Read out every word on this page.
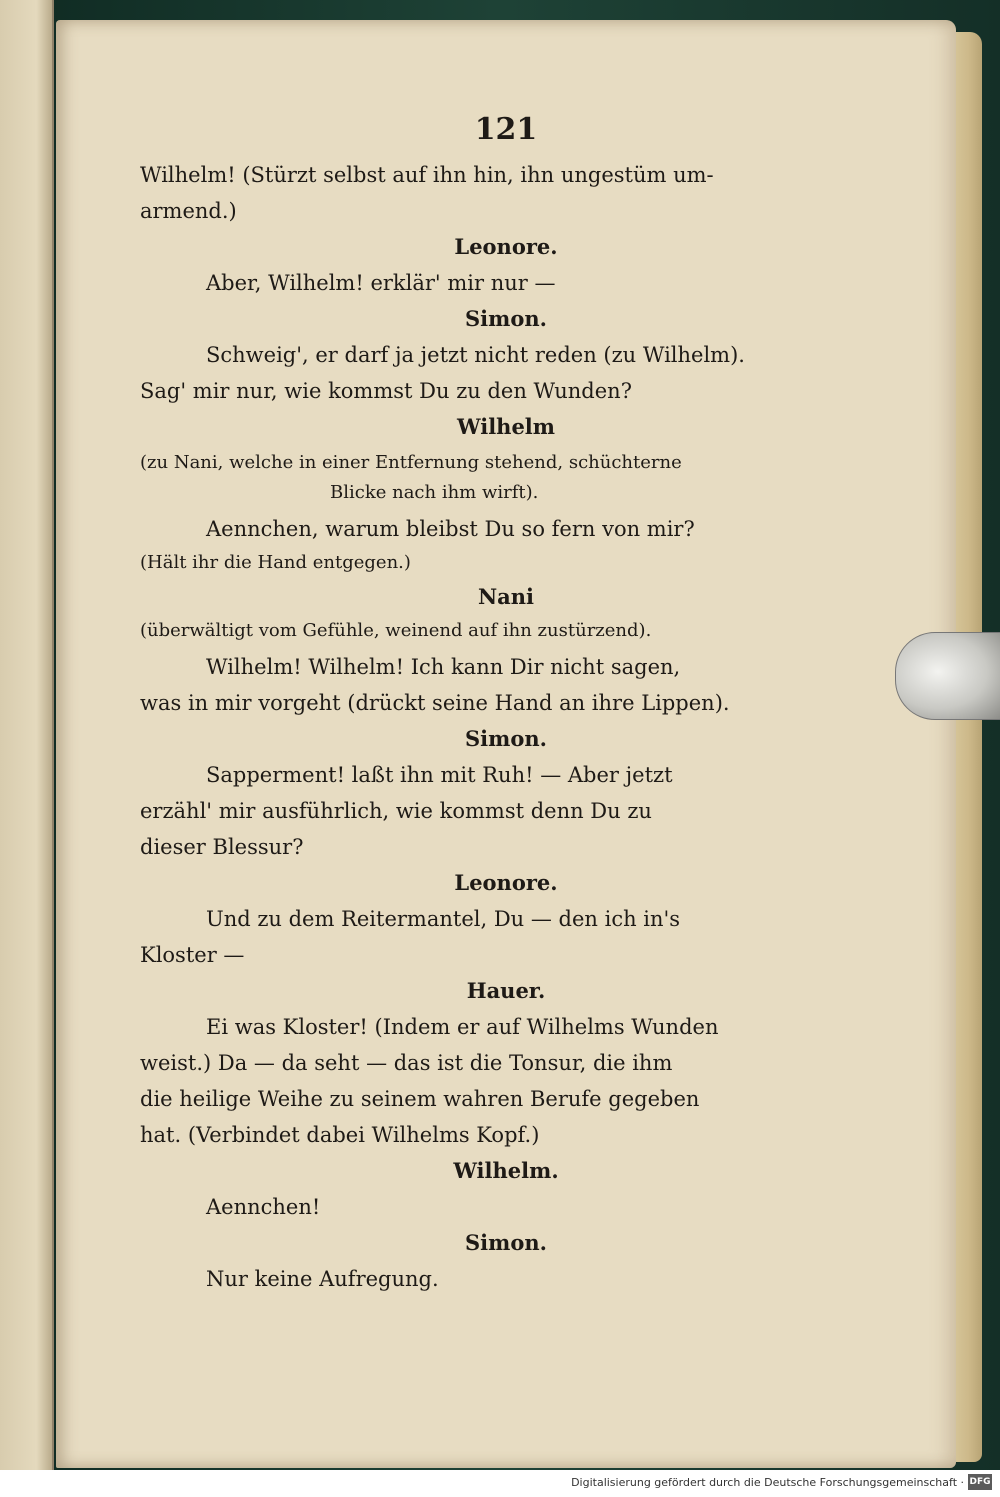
121
Wilhelm! (Stürzt selbst auf ihn hin, ihn ungestüm um-
armend.)
Leonore.
Aber, Wilhelm! erklär' mir nur —
Simon.
Schweig', er darf ja jetzt nicht reden (zu Wilhelm).
Sag' mir nur, wie kommst Du zu den Wunden?
Wilhelm
(zu Nani, welche in einer Entfernung stehend, schüchterne
Blicke nach ihm wirft).
Aennchen, warum bleibst Du so fern von mir?
(Hält ihr die Hand entgegen.)
Nani
(überwältigt vom Gefühle, weinend auf ihn zustürzend).
Wilhelm! Wilhelm! Ich kann Dir nicht sagen,
was in mir vorgeht (drückt seine Hand an ihre Lippen).
Simon.
Sapperment! laßt ihn mit Ruh! — Aber jetzt
erzähl' mir ausführlich, wie kommst denn Du zu
dieser Blessur?
Leonore.
Und zu dem Reitermantel, Du — den ich in's
Kloster —
Hauer.
Ei was Kloster! (Indem er auf Wilhelms Wunden
weist.) Da — da seht — das ist die Tonsur, die ihm
die heilige Weihe zu seinem wahren Berufe gegeben
hat. (Verbindet dabei Wilhelms Kopf.)
Wilhelm.
Aennchen!
Simon.
Nur keine Aufregung.
Digitalisierung gefördert durch die Deutsche Forschungsgemeinschaft · DFG
